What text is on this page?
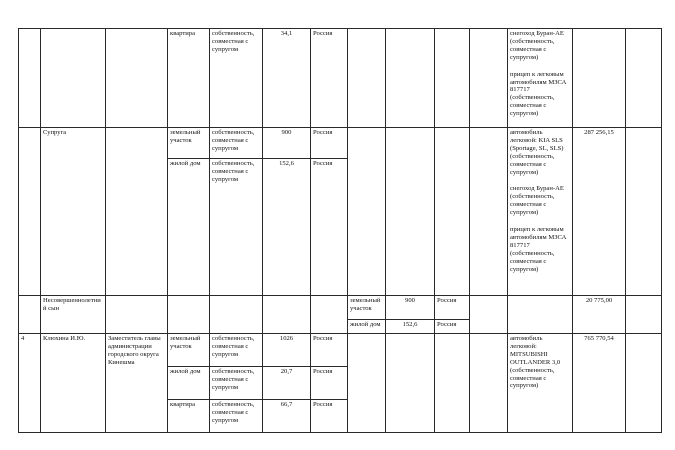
			квартира	собственность, совместная с супругом	34,1	Россия					снегоход Буран-АЕ (собственность, совместная с супругом)
прицеп к легковым автомобилям МЗСА 817717 (собственность, совместная с супругом)		

	Супруга		земельный участок	собственность, совместная с супругом	900	Россия					автомобиль легковой: KIA SLS (Sportage, SL, SLS) (собственность, совместная с супругом)
снегоход Буран-АЕ (собственность, совместная с супругом)
прицеп к легковым автомобилям МЗСА 817717 (собственность, совместная с супругом)	287 256,15	
			жилой дом	собственность, совместная с супругом	152,6	Россия							
	Несовершеннолетний сын						земельный участок	900	Россия			20 775,00	
							жилой дом	152,6	Россия				
4	Клюхина И.Ю.	Заместитель главы администрации городского округа Кинешма	земельный участок	собственность, совместная с супругом	1026	Россия					автомобиль легковой: MITSUBISHI OUTLANDER 3,0 (собственность, совместная с супругом)	765 770,54	
			жилой дом	собственность, совместная с супругом	20,7	Россия							
			квартира	собственность, совместная с супругом	66,7	Россия							
